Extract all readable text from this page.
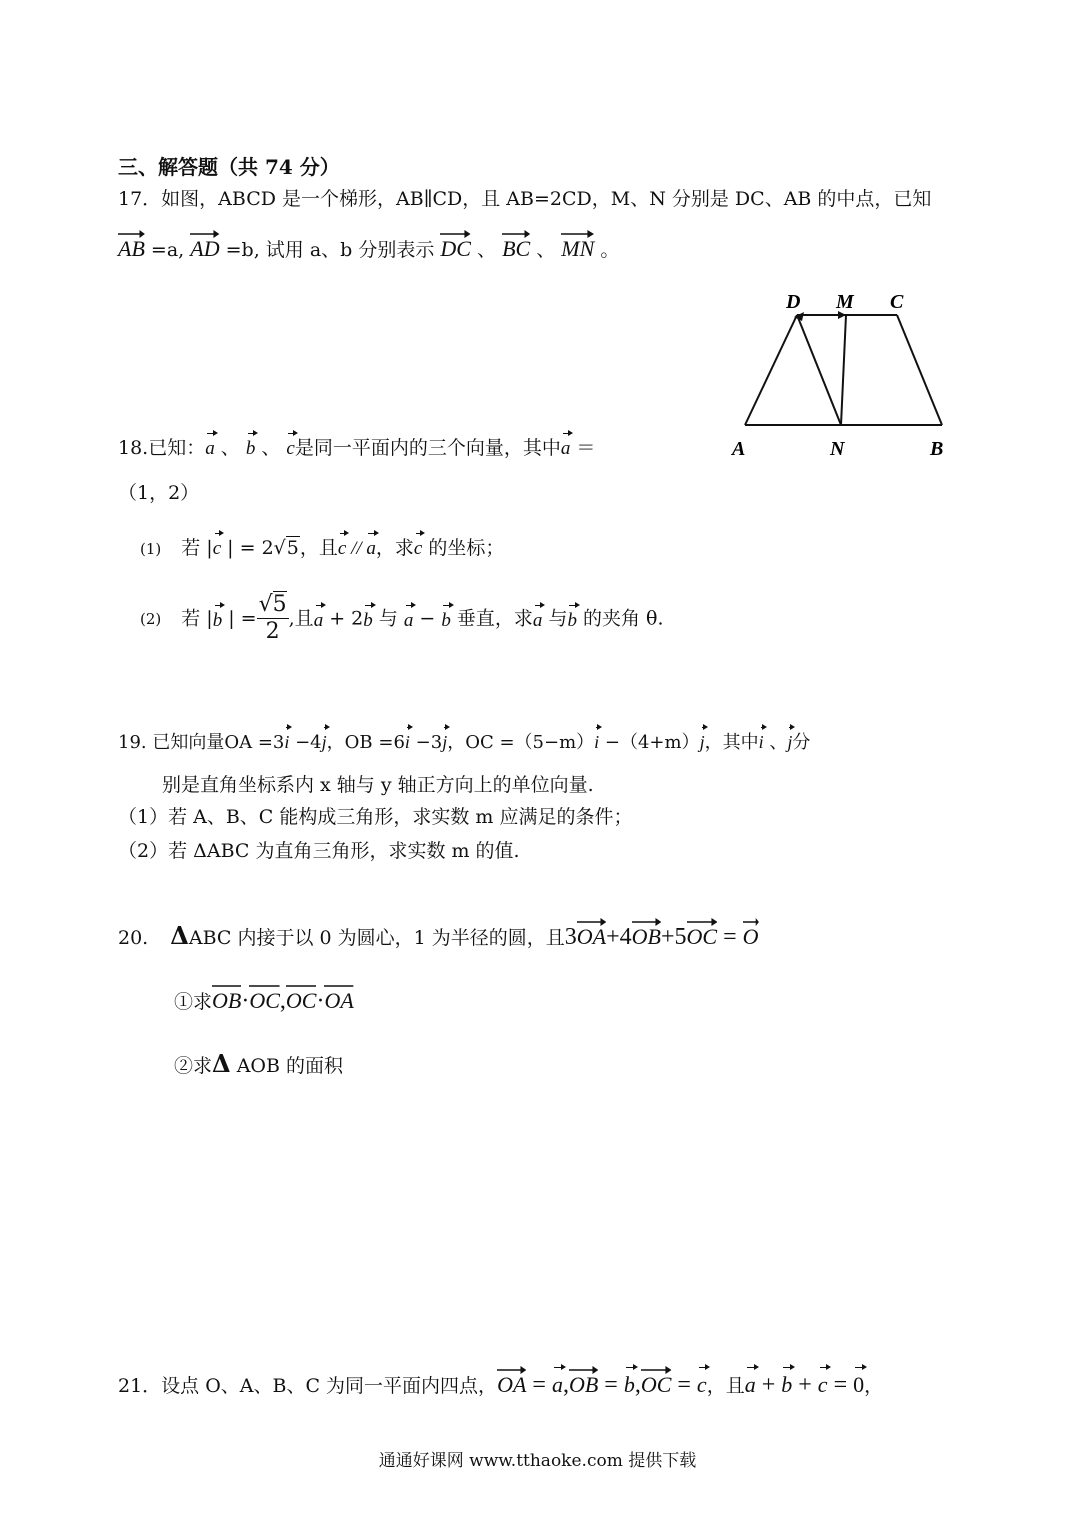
三、解答题（共 74 分）
17．如图，ABCD 是一个梯形，AB∥CD，且 AB=2CD，M、N 分别是 DC、AB 的中点，已知
AB =a,
AD =b, 试用 a、b 分别表示
DC 、
BC 、
MN 。
D M C
A	N	B
18.已知：a 、 b 、 c是同一平面内的三个向量，其中a ＝
（1，2）
(1) 若 |c | = 2√5，且c // a，求c 的坐标；
(2) 若 |b | = $\frac{√5}{2}$ ,且a + 2b 与 a − b 垂直，求a 与b 的夹角 θ.
19. 已知向量OA =3i −4j，OB =6i −3j，OC =（5−m）i −（4+m）j，其中i 、j分
别是直角坐标系内 x 轴与 y 轴正方向上的单位向量.
（1）若 A、B、C 能构成三角形，求实数 m 应满足的条件；
（2）若 ΔABC 为直角三角形，求实数 m 的值.
20. ΔABC 内接于以 0 为圆心，1 为半径的圆，且3
OA+4
OB+5
OC =
O
①求
OB·
OC,
OC·
OA
②求Δ AOB 的面积
21．设点 O、A、B、C 为同一平面内四点，
OA = a,
OB = b,
OC = c，且a + b + c = 0，
通通好课网 www.tthaoke.com 提供下载
